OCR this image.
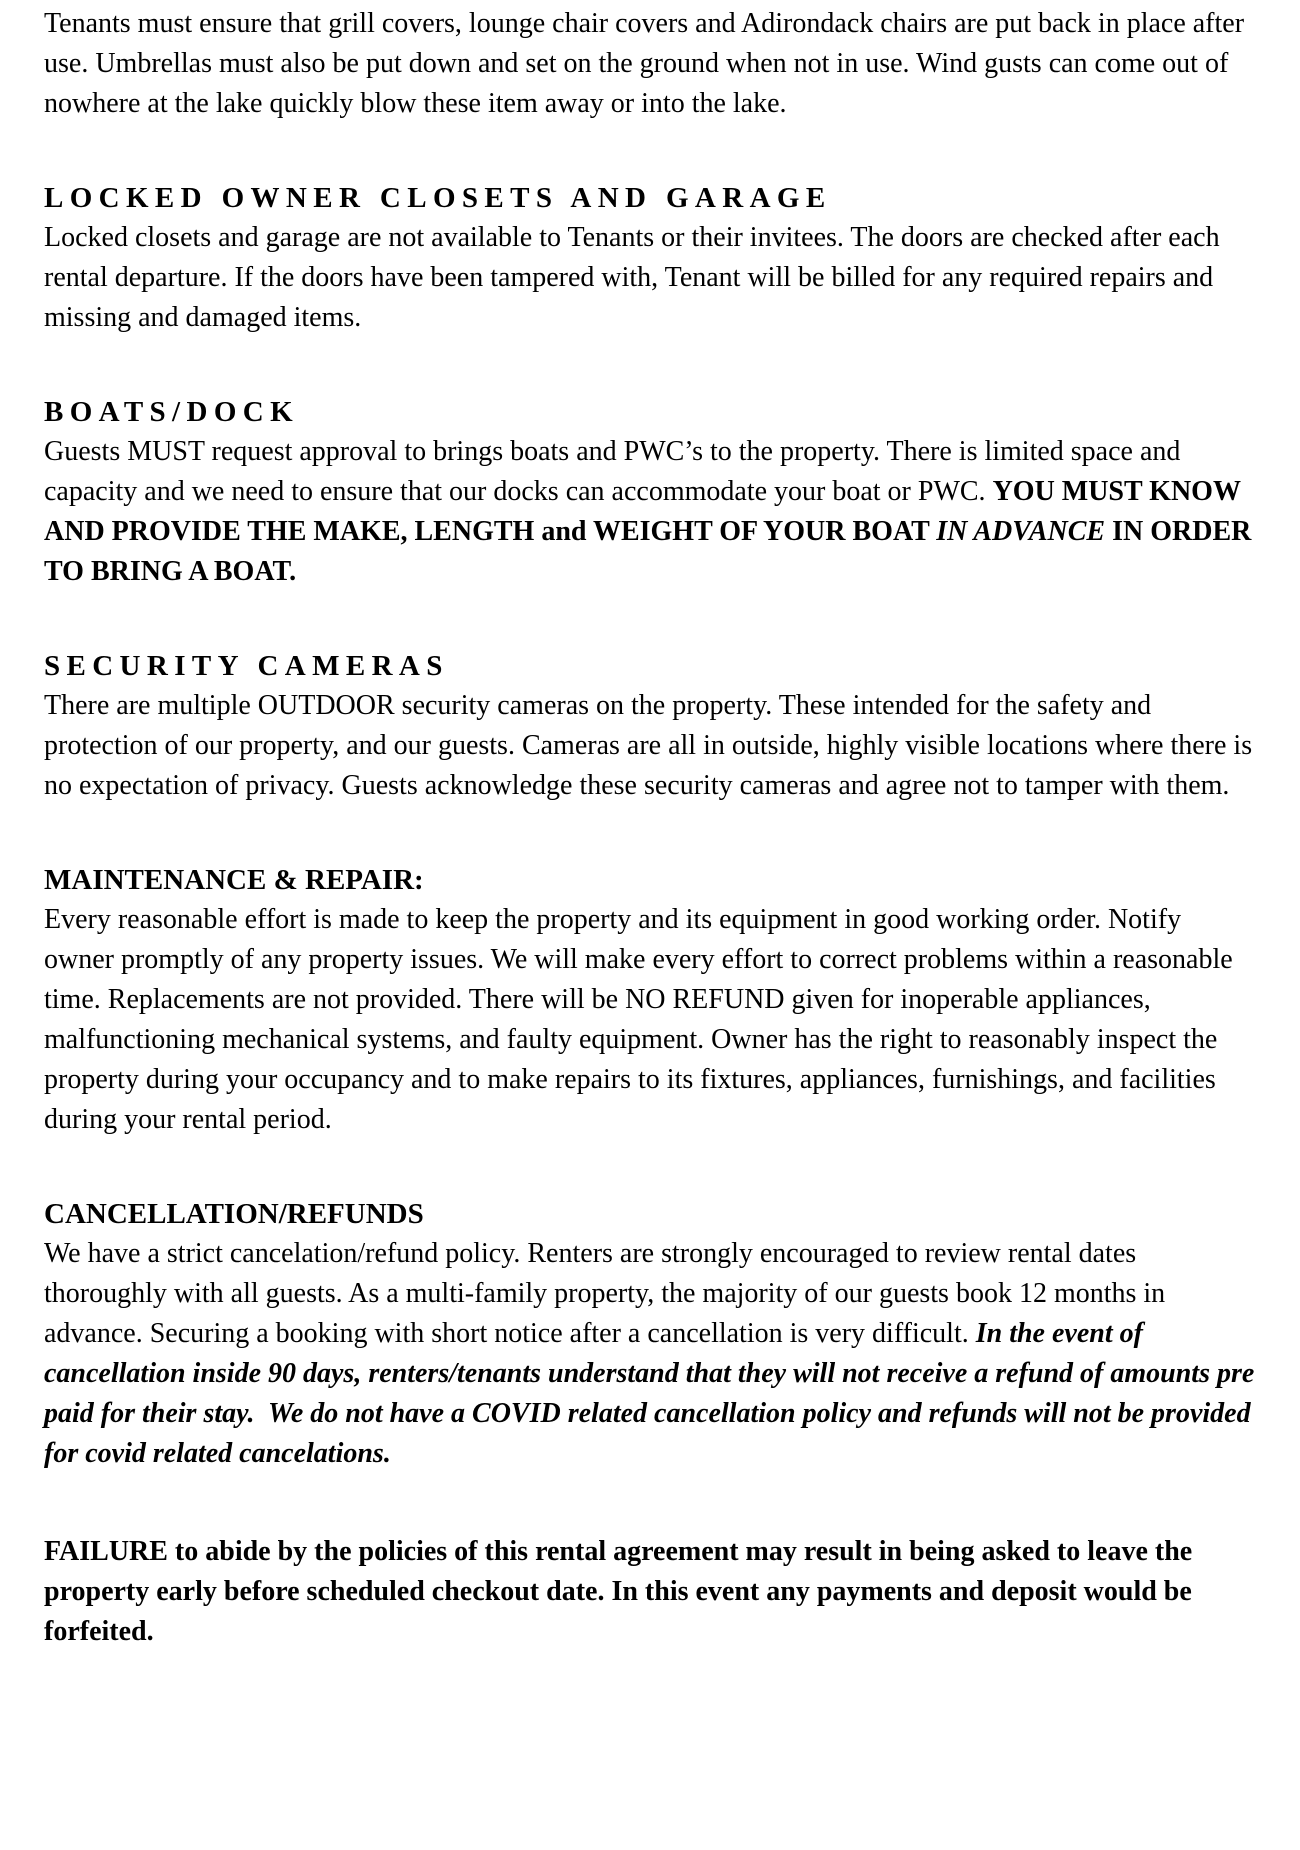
Tenants must ensure that grill covers, lounge chair covers and Adirondack chairs are put back in place after use. Umbrellas must also be put down and set on the ground when not in use. Wind gusts can come out of nowhere at the lake quickly blow these item away or into the lake.

LOCKED OWNER CLOSETS AND GARAGE

Locked closets and garage are not available to Tenants or their invitees. The doors are checked after each rental departure. If the doors have been tampered with, Tenant will be billed for any required repairs and missing and damaged items.

BOATS/DOCK

Guests MUST request approval to brings boats and PWC’s to the property. There is limited space and capacity and we need to ensure that our docks can accommodate your boat or PWC. YOU MUST KNOW AND PROVIDE THE MAKE, LENGTH and WEIGHT OF YOUR BOAT IN ADVANCE IN ORDER TO BRING A BOAT.

SECURITY CAMERAS

There are multiple OUTDOOR security cameras on the property. These intended for the safety and protection of our property, and our guests. Cameras are all in outside, highly visible locations where there is no expectation of privacy. Guests acknowledge these security cameras and agree not to tamper with them.

MAINTENANCE & REPAIR:

Every reasonable effort is made to keep the property and its equipment in good working order. Notify owner promptly of any property issues. We will make every effort to correct problems within a reasonable time. Replacements are not provided. There will be NO REFUND given for inoperable appliances, malfunctioning mechanical systems, and faulty equipment. Owner has the right to reasonably inspect the property during your occupancy and to make repairs to its fixtures, appliances, furnishings, and facilities during your rental period.

CANCELLATION/REFUNDS

We have a strict cancelation/refund policy. Renters are strongly encouraged to review rental dates thoroughly with all guests. As a multi-family property, the majority of our guests book 12 months in advance. Securing a booking with short notice after a cancellation is very difficult. In the event of cancellation inside 90 days, renters/tenants understand that they will not receive a refund of amounts pre paid for their stay.  We do not have a COVID related cancellation policy and refunds will not be provided for covid related cancelations.

FAILURE to abide by the policies of this rental agreement may result in being asked to leave the property early before scheduled checkout date. In this event any payments and deposit would be forfeited.
